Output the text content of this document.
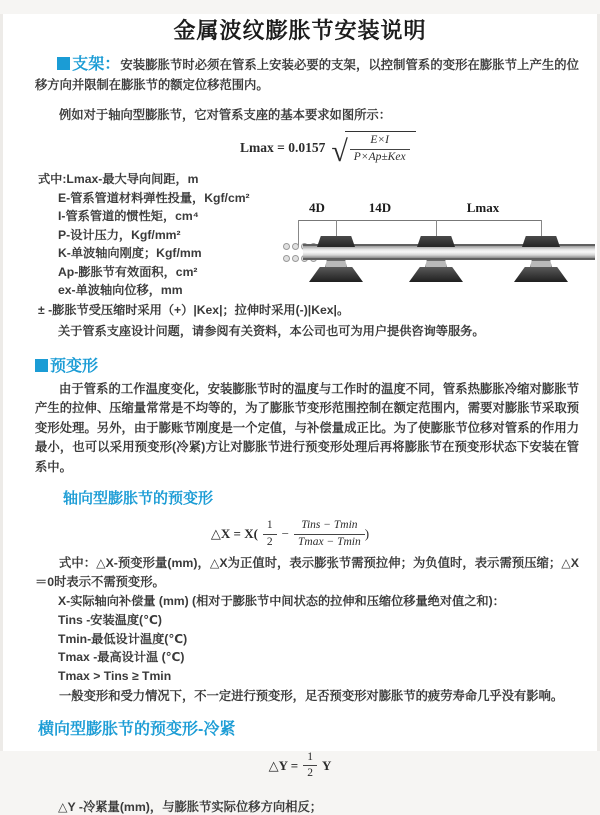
金属波纹膨胀节安装说明

支架：安装膨胀节时必须在管系上安装必要的支架，以控制管系的变形在膨胀节上产生的位移方向并限制在膨胀节的额定位移范围内。

例如对于轴向型膨胀节，它对管系支座的基本要求如图所示：

Lmax = 0.0157 √ $\frac{E\times I}{\text{P×Ap±Kex}}$
式中:Lmax-最大导向间距，m
E-管系管道材料弹性投量，Kgf/cm²
I-管系管道的惯性矩，cm⁴
P-设计压力，Kgf/mm²
K-单波轴向刚度；Kgf/mm
Ap-膨胀节有效面积，cm²
ex-单波轴向位移，mm
± -膨胀节受压缩时采用（+）|Kex|；拉伸时采用(-)|Kex|。
关于管系支座设计问题，请参阅有关资料，本公司也可为用户提供咨询等服务。
4D	14D	Lmax
预变形

由于管系的工作温度变化，安装膨胀节时的温度与工作时的温度不同，管系热膨胀冷缩对膨胀节产生的拉伸、压缩量常常是不均等的，为了膨胀节变形范围控制在额定范围内，需要对膨胀节采取预变形处理。另外，由于膨账节刚度是一个定值，与补偿量成正比。为了使膨胀节位移对管系的作用力最小，也可以采用预变形(冷紧)方让对膨胀节进行预变形处理后再将膨胀节在预变形状态下安装在管系中。

轴向型膨胀节的预变形
△X = $X( \frac{1}{2} - \frac{\text{Tins − Tmin}}{Tmax - Tmin}$ )

式中：△X-预变形量(mm)，△X为正值时，表示膨张节需预拉伸；为负值时，表示需预压缩；△X＝0时表示不需预变形。

X-实际轴向补偿量 (mm) (相对于膨胀节中间状态的拉伸和压缩位移量绝对值之和)：
Tins -安装温度(℃)
Tmin-最低设计温度(℃)
Tmax -最高设计温 (℃)
Tmax > Tins ≥ Tmin
一般变形和受力情况下，不一定进行预变形，足否预变形对膨胀节的疲劳寿命几乎没有影响。
横向型膨胀节的预变形-冷紧
△Y = $\frac{1}{2}$ Y
△Y -冷紧量(mm)，与膨胀节实际位移方向相反；
